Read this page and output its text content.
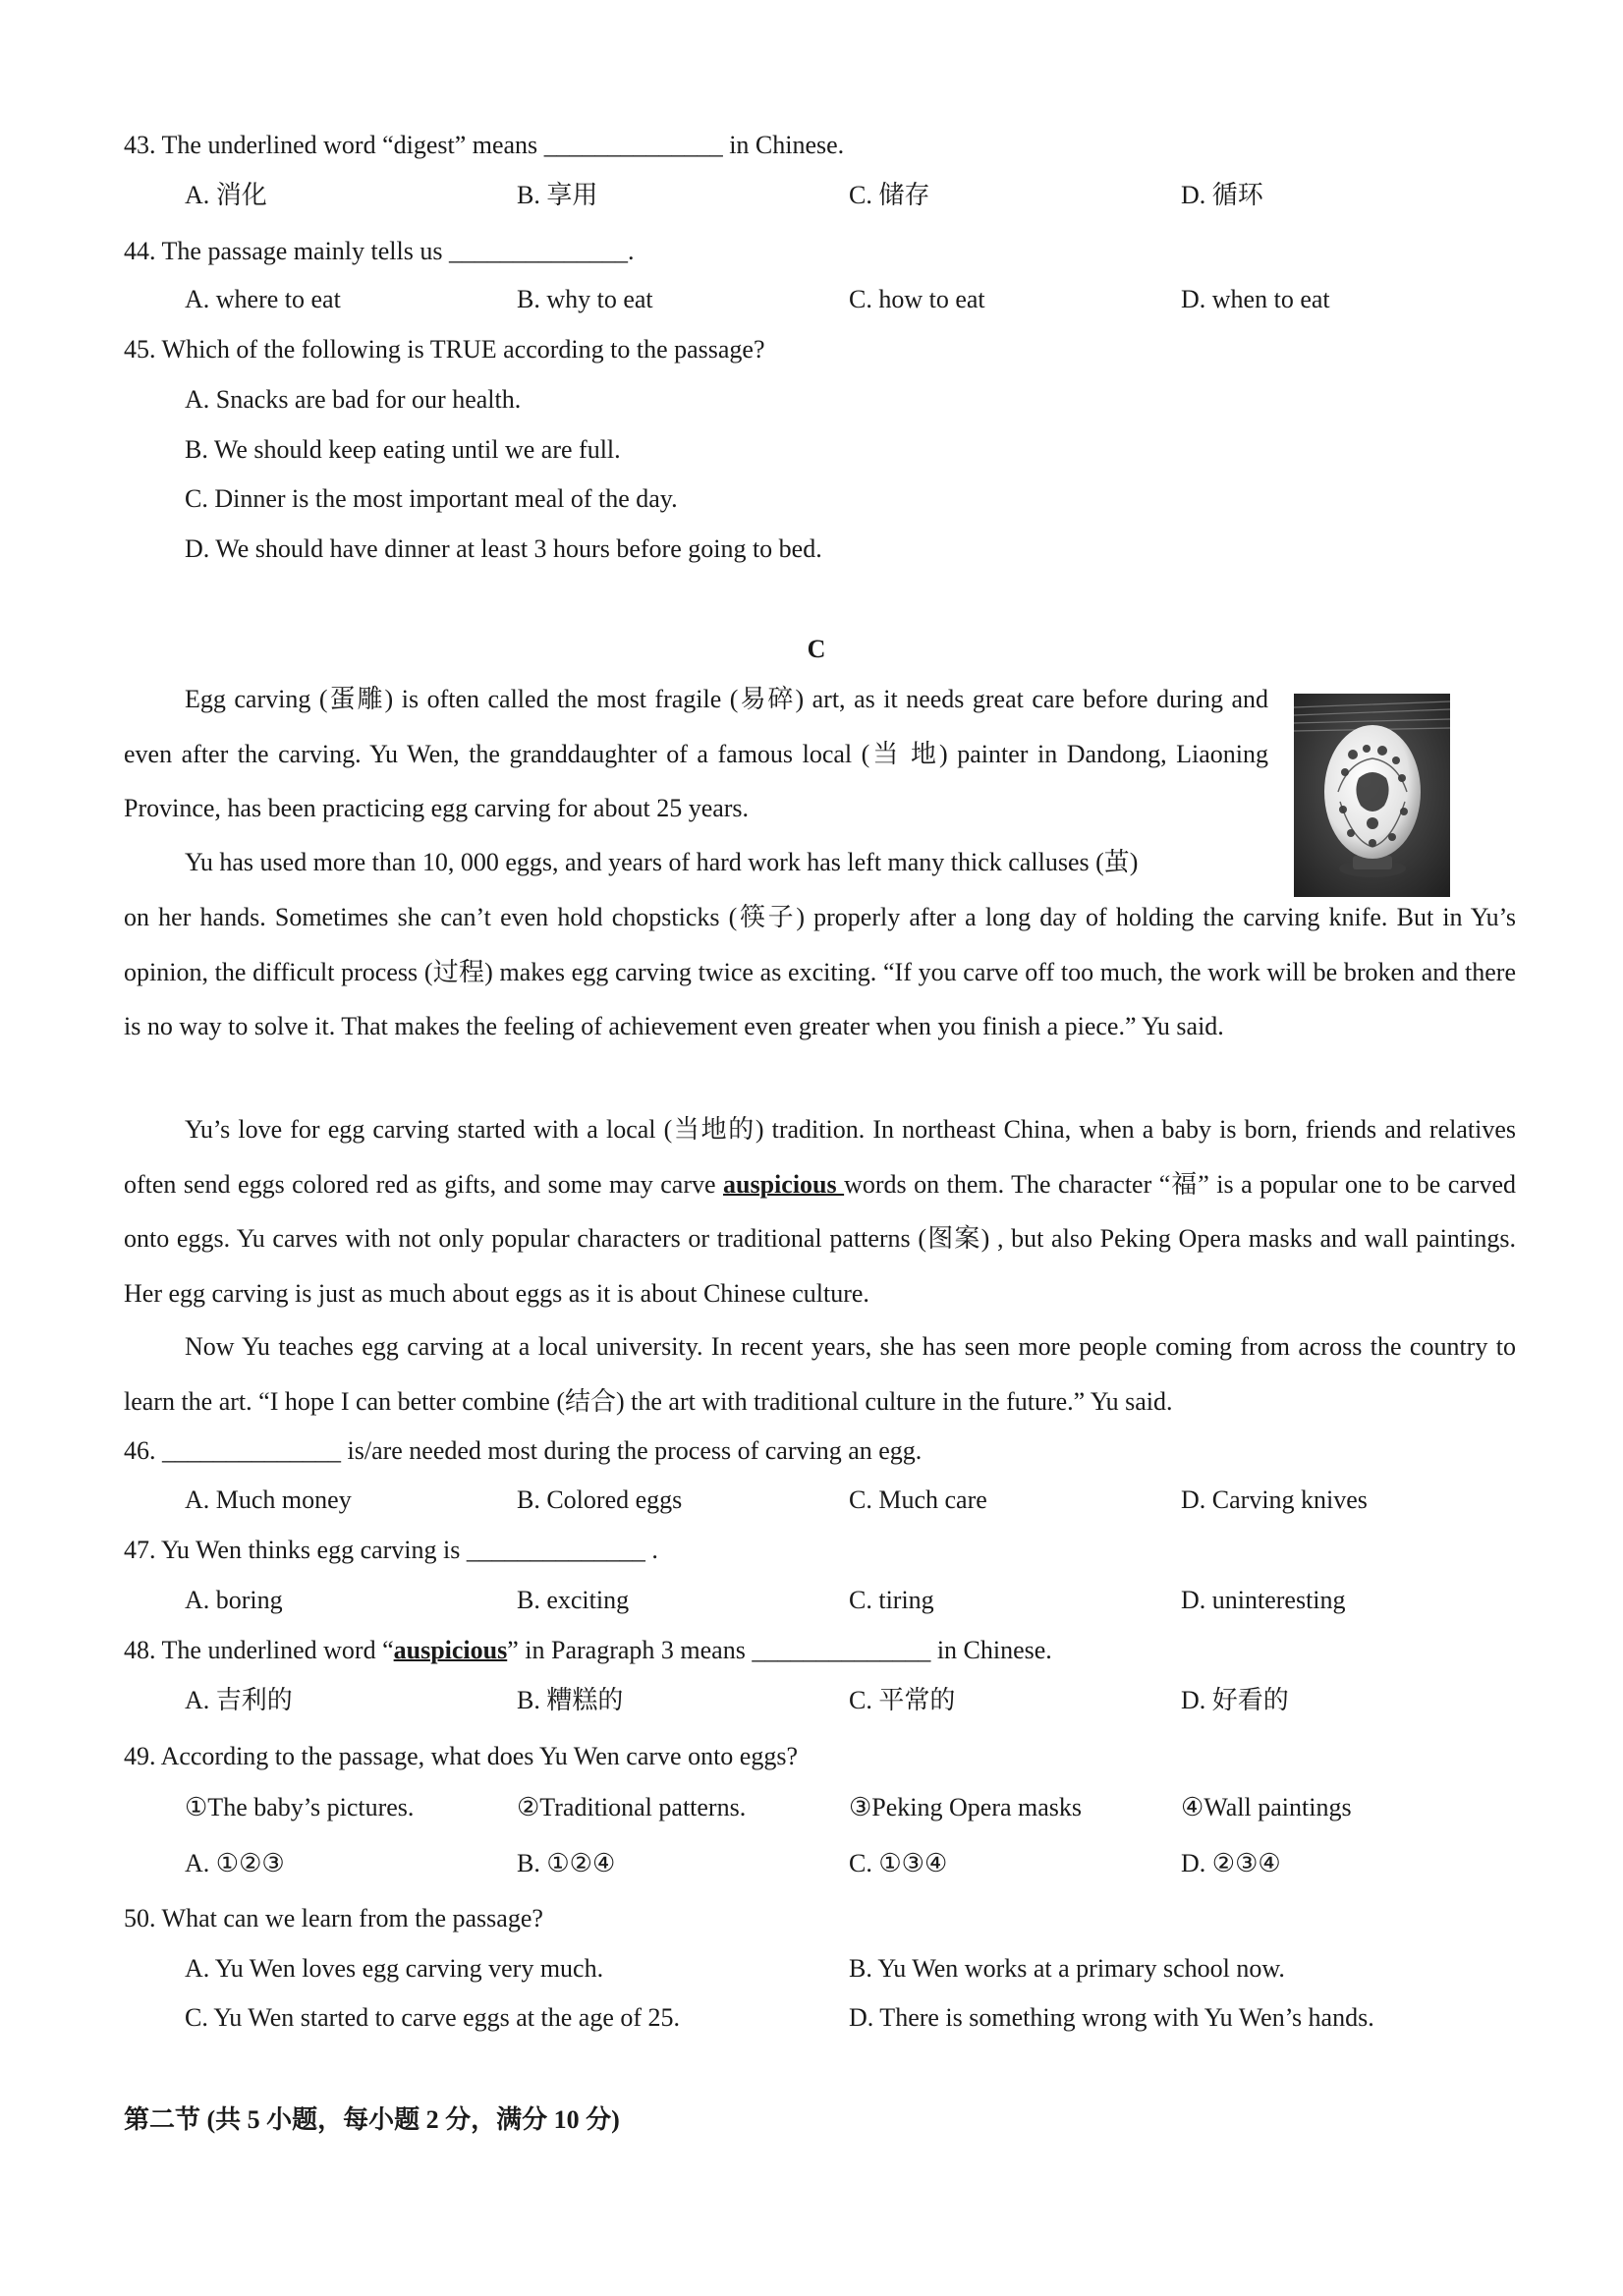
43. The underlined word “digest” means ______________ in Chinese.
A. 消化	B. 享用	C. 储存	D. 循环
44. The passage mainly tells us ______________.
A. where to eat	B. why to eat	C. how to eat	D. when to eat
45. Which of the following is TRUE according to the passage?
A. Snacks are bad for our health.
B. We should keep eating until we are full.
C. Dinner is the most important meal of the day.
D. We should have dinner at least 3 hours before going to bed.
C

Egg carving (蛋雕) is often called the most fragile (易碎) art, as it needs great care before during and even after the carving. Yu Wen, the granddaughter of a famous local (当 地) painter in Dandong, Liaoning Province, has been practicing egg carving for about 25 years.

Yu has used more than 10, 000 eggs, and years of hard work has left many thick calluses (茧)

on her hands. Sometimes she can’t even hold chopsticks (筷子) properly after a long day of holding the carving knife. But in Yu’s opinion, the difficult process (过程) makes egg carving twice as exciting. “If you carve off too much, the work will be broken and there is no way to solve it. That makes the feeling of achievement even greater when you finish a piece.” Yu said.

Yu’s love for egg carving started with a local (当地的) tradition. In northeast China, when a baby is born, friends and relatives often send eggs colored red as gifts, and some may carve auspicious words on them. The character “福” is a popular one to be carved onto eggs. Yu carves with not only popular characters or traditional patterns (图案) , but also Peking Opera masks and wall paintings. Her egg carving is just as much about eggs as it is about Chinese culture.

Now Yu teaches egg carving at a local university. In recent years, she has seen more people coming from across the country to learn the art. “I hope I can better combine (结合) the art with traditional culture in the future.” Yu said.

46. ______________ is/are needed most during the process of carving an egg.
A. Much money	B. Colored eggs	C. Much care	D. Carving knives
47. Yu Wen thinks egg carving is ______________ .
A. boring	B. exciting	C. tiring	D. uninteresting
48. The underlined word “auspicious” in Paragraph 3 means ______________ in Chinese.
A. 吉利的	B. 糟糕的	C. 平常的	D. 好看的
49. According to the passage, what does Yu Wen carve onto eggs?
①The baby’s pictures.	②Traditional patterns.	③Peking Opera masks	④Wall paintings
A. ①②③	B. ①②④	C. ①③④	D. ②③④
50. What can we learn from the passage?
A. Yu Wen loves egg carving very much.	B. Yu Wen works at a primary school now.
C. Yu Wen started to carve eggs at the age of 25.	D. There is something wrong with Yu Wen’s hands.
第二节 (共 5 小题，每小题 2 分，满分 10 分)
